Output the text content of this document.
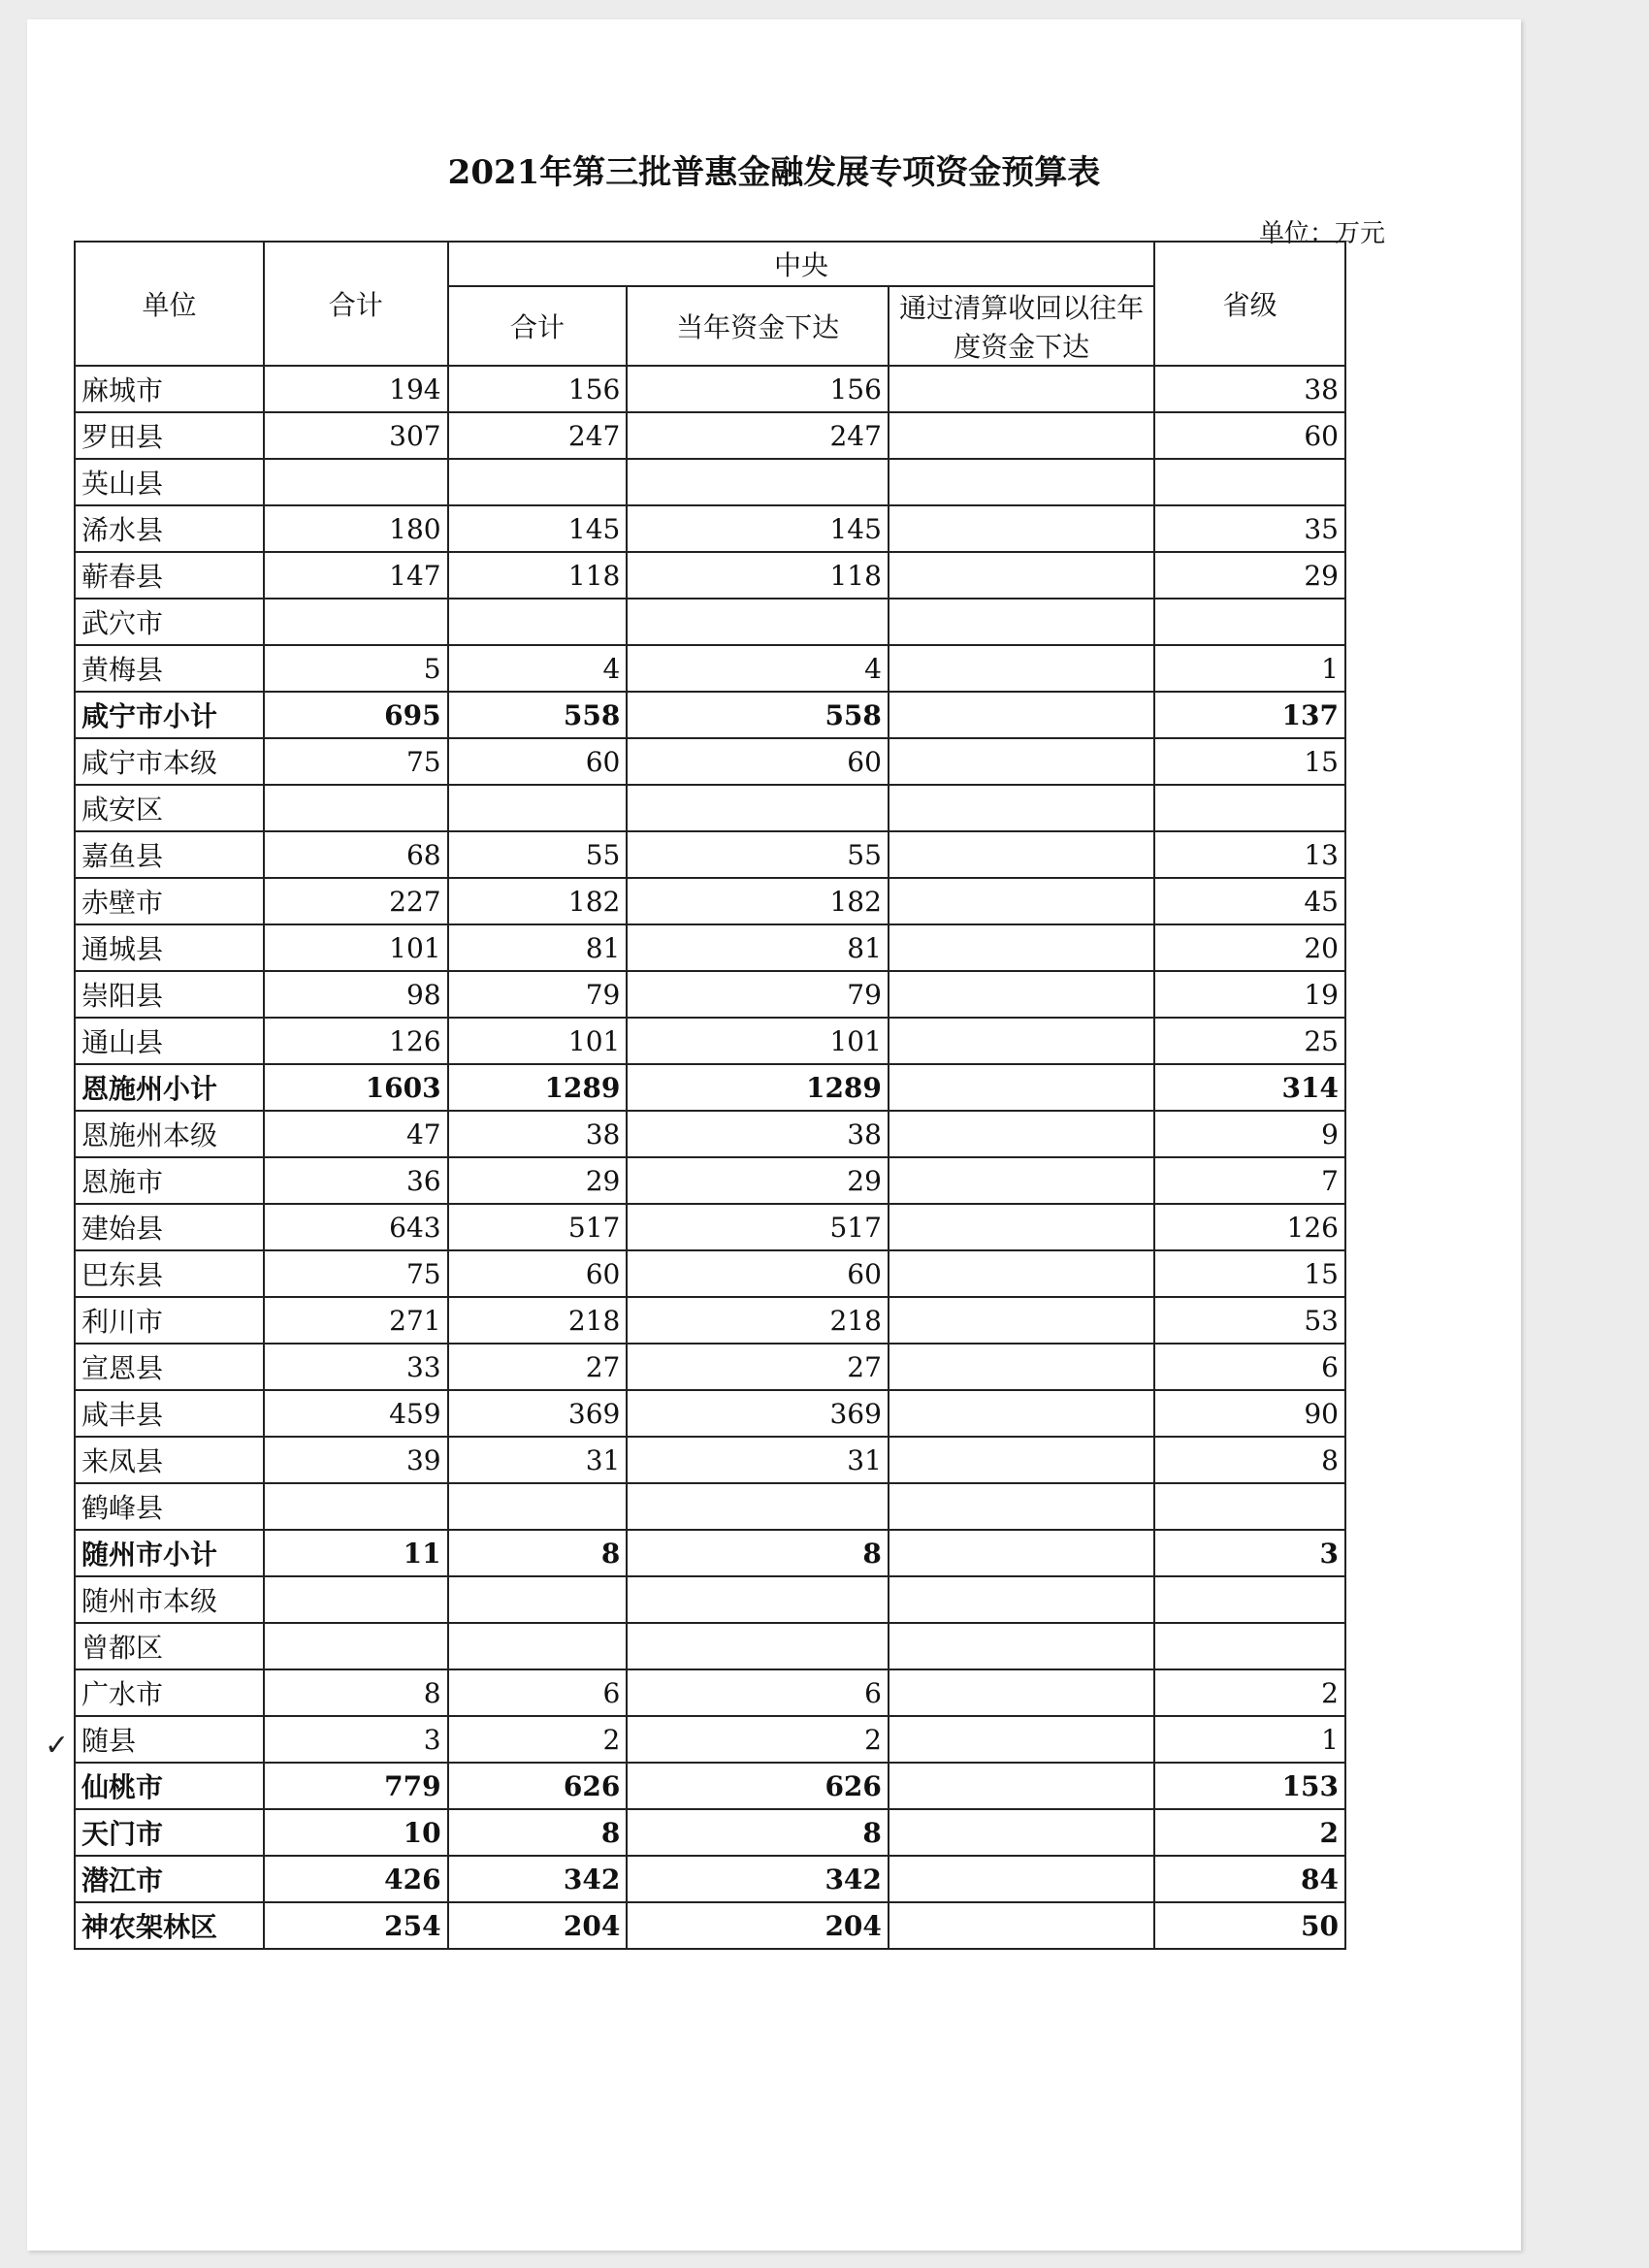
2021年第三批普惠金融发展专项资金预算表
单位：万元
单位	合计	中央			省级
		合计	当年资金下达	通过清算收回以往年度资金下达	
麻城市	194	156	156		38
罗田县	307	247	247		60
英山县					
浠水县	180	145	145		35
蕲春县	147	118	118		29
武穴市					
黄梅县	5	4	4		1
咸宁市小计	695	558	558		137
咸宁市本级	75	60	60		15
咸安区					
嘉鱼县	68	55	55		13
赤壁市	227	182	182		45
通城县	101	81	81		20
崇阳县	98	79	79		19
通山县	126	101	101		25
恩施州小计	1603	1289	1289		314
恩施州本级	47	38	38		9
恩施市	36	29	29		7
建始县	643	517	517		126
巴东县	75	60	60		15
利川市	271	218	218		53
宣恩县	33	27	27		6
咸丰县	459	369	369		90
来凤县	39	31	31		8
鹤峰县					
随州市小计	11	8	8		3
随州市本级					
曾都区					
广水市	8	6	6		2
随县	3	2	2		1
仙桃市	779	626	626		153
天门市	10	8	8		2
潜江市	426	342	342		84
神农架林区	254	204	204		50
✓
